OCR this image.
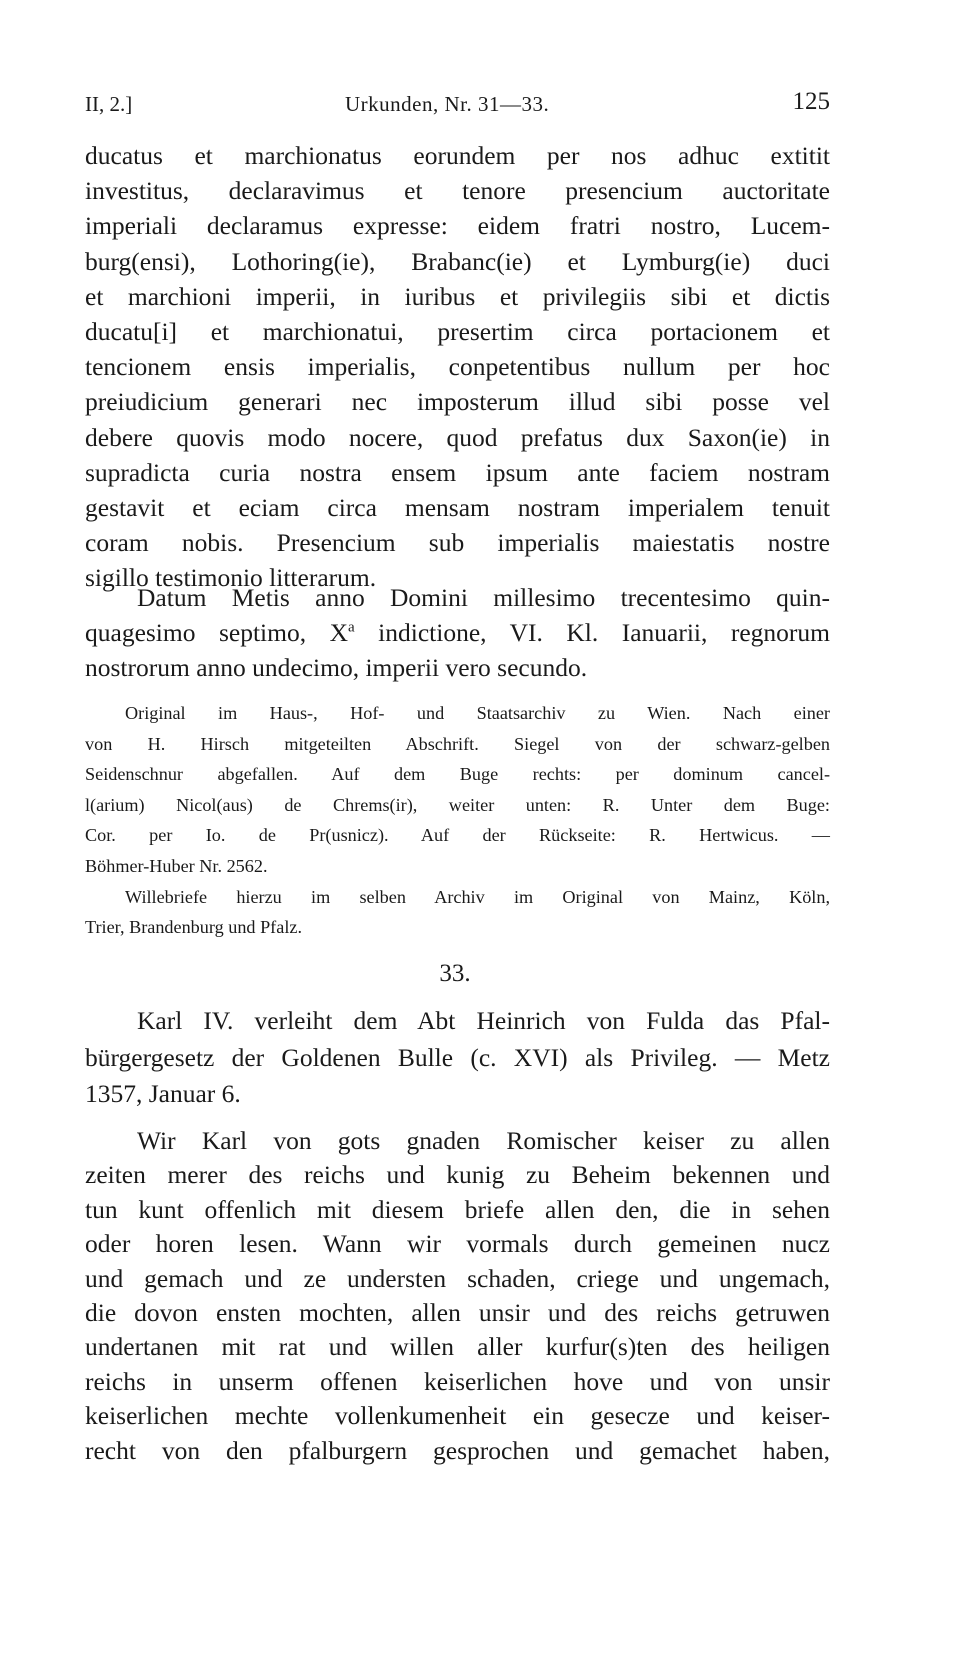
II, 2.]	Urkunden, Nr. 31—33.	125
ducatus et marchionatus eorundem per nos adhuc extitit
investitus, declaravimus et tenore presencium auctoritate
imperiali declaramus expresse: eidem fratri nostro, Lucem-
burg(ensi), Lothoring(ie), Brabanc(ie) et Lymburg(ie) duci
et marchioni imperii, in iuribus et privilegiis sibi et dictis
ducatu[i] et marchionatui, presertim circa portacionem et
tencionem ensis imperialis, conpetentibus nullum per hoc
preiudicium generari nec imposterum illud sibi posse vel
debere quovis modo nocere, quod prefatus dux Saxon(ie) in
supradicta curia nostra ensem ipsum ante faciem nostram
gestavit et eciam circa mensam nostram imperialem tenuit
coram nobis. Presencium sub imperialis maiestatis nostre
sigillo testimonio litterarum.
Datum Metis anno Domini millesimo trecentesimo quin-
quagesimo septimo, $X^a$ indictione, VI. Kl. Ianuarii, regnorum
nostrorum anno undecimo, imperii vero secundo.
Original im Haus-, Hof- und Staatsarchiv zu Wien. Nach einer
von H. Hirsch mitgeteilten Abschrift. Siegel von der schwarz-gelben
Seidenschnur abgefallen. Auf dem Buge rechts: per dominum cancel-
l(arium) Nicol(aus) de Chrems(ir), weiter unten: R. Unter dem Buge:
Cor. per Io. de Pr(usnicz). Auf der Rückseite: R. Hertwicus. —
Böhmer-Huber Nr. 2562.
Willebriefe hierzu im selben Archiv im Original von Mainz, Köln,
Trier, Brandenburg und Pfalz.
33.
Karl IV. verleiht dem Abt Heinrich von Fulda das Pfal-
bürgergesetz der Goldenen Bulle (c. XVI) als Privileg. — Metz
1357, Januar 6.
Wir Karl von gots gnaden Romischer keiser zu allen
zeiten merer des reichs und kunig zu Beheim bekennen und
tun kunt offenlich mit diesem briefe allen den, die in sehen
oder horen lesen. Wann wir vormals durch gemeinen nucz
und gemach und ze understen schaden, criege und ungemach,
die dovon ensten mochten, allen unsir und des reichs getruwen
undertanen mit rat und willen aller kurfur(s)ten des heiligen
reichs in unserm offenen keiserlichen hove und von unsir
keiserlichen mechte vollenkumenheit ein gesecze und keiser-
recht von den pfalburgern gesprochen und gemachet haben,
